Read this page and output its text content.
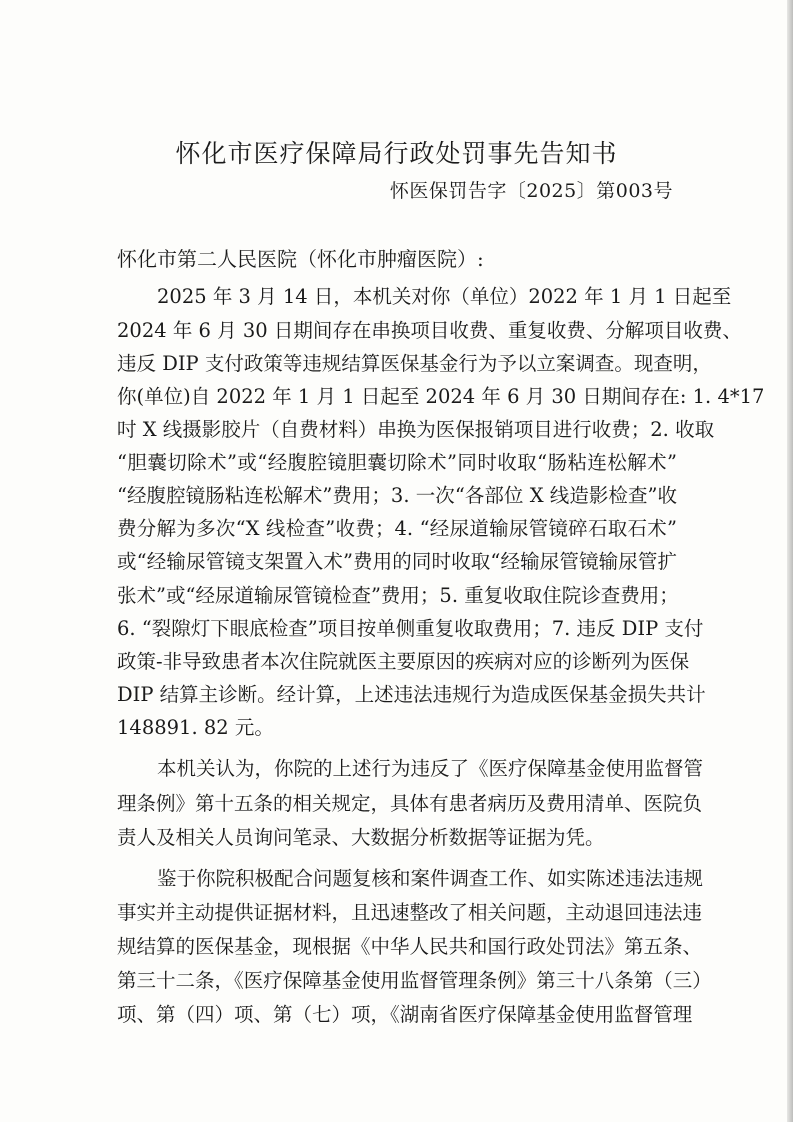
怀化市医疗保障局行政处罚事先告知书
怀医保罚告字〔2025〕第003号
怀化市第二人民医院（怀化市肿瘤医院）:
2025 年 3 月 14 日，本机关对你（单位）2022 年 1 月 1 日起至
2024 年 6 月 30 日期间存在串换项目收费、重复收费、分解项目收费、
违反 DIP 支付政策等违规结算医保基金行为予以立案调查。现查明，
你(单位)自 2022 年 1 月 1 日起至 2024 年 6 月 30 日期间存在: 1. 4*17
吋 X 线摄影胶片（自费材料）串换为医保报销项目进行收费；2. 收取
“胆囊切除术”或“经腹腔镜胆囊切除术”同时收取“肠粘连松解术”
“经腹腔镜肠粘连松解术”费用；3. 一次“各部位 X 线造影检查”收
费分解为多次“X 线检查”收费；4. “经尿道输尿管镜碎石取石术”
或“经输尿管镜支架置入术”费用的同时收取“经输尿管镜输尿管扩
张术”或“经尿道输尿管镜检查”费用；5. 重复收取住院诊查费用；
6. “裂隙灯下眼底检查”项目按单侧重复收取费用；7. 违反 DIP 支付
政策-非导致患者本次住院就医主要原因的疾病对应的诊断列为医保
DIP 结算主诊断。经计算，上述违法违规行为造成医保基金损失共计
148891. 82 元。
本机关认为，你院的上述行为违反了《医疗保障基金使用监督管
理条例》第十五条的相关规定，具体有患者病历及费用清单、医院负
责人及相关人员询问笔录、大数据分析数据等证据为凭。
鉴于你院积极配合问题复核和案件调查工作、如实陈述违法违规
事实并主动提供证据材料，且迅速整改了相关问题，主动退回违法违
规结算的医保基金，现根据《中华人民共和国行政处罚法》第五条、
第三十二条，《医疗保障基金使用监督管理条例》第三十八条第（三）
项、第（四）项、第（七）项，《湖南省医疗保障基金使用监督管理
